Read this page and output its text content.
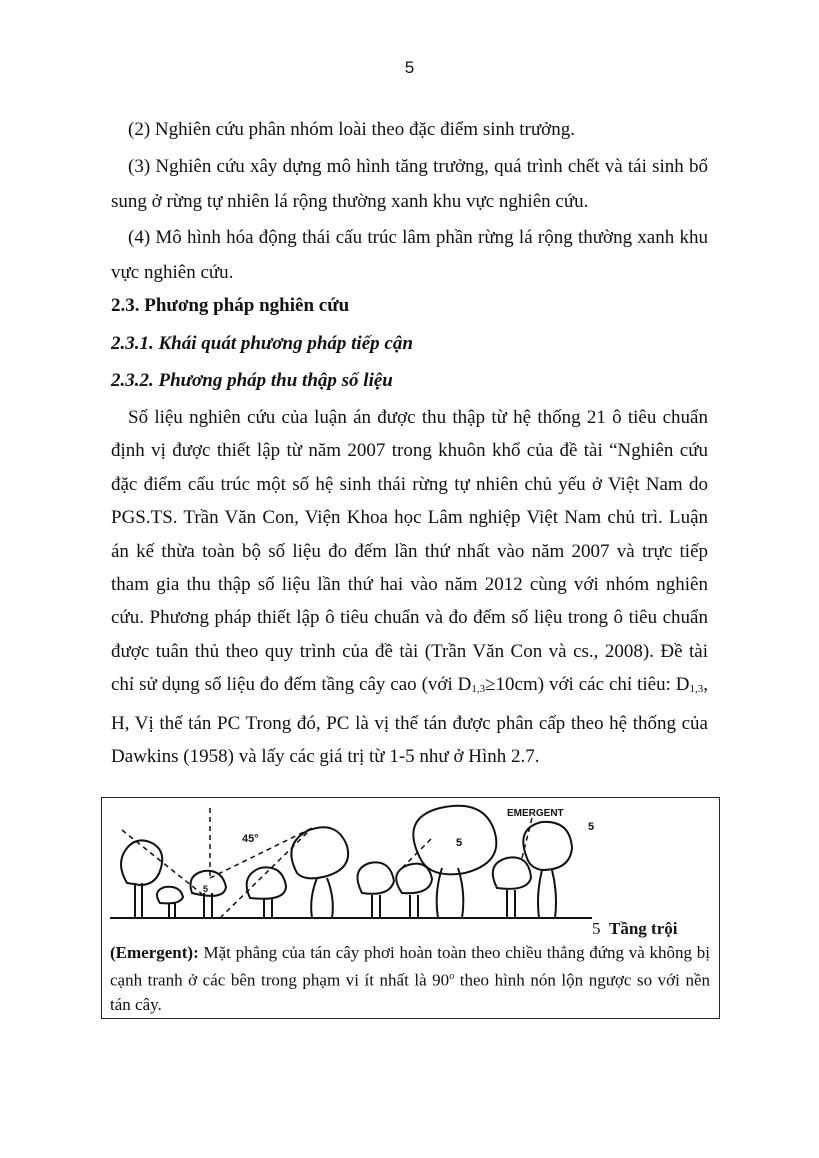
5
(2) Nghiên cứu phân nhóm loài theo đặc điểm sinh trưởng.
(3) Nghiên cứu xây dựng mô hình tăng trưởng, quá trình chết và tái sinh bổ sung ở rừng tự nhiên lá rộng thường xanh khu vực nghiên cứu.
(4) Mô hình hóa động thái cấu trúc lâm phần rừng lá rộng thường xanh khu vực nghiên cứu.
2.3. Phương pháp nghiên cứu
2.3.1. Khái quát phương pháp tiếp cận
2.3.2. Phương pháp thu thập số liệu
Số liệu nghiên cứu của luận án được thu thập từ hệ thống 21 ô tiêu chuẩn định vị được thiết lập từ năm 2007 trong khuôn khổ của đề tài “Nghiên cứu đặc điểm cấu trúc một số hệ sinh thái rừng tự nhiên chủ yếu ở Việt Nam do PGS.TS. Trần Văn Con, Viện Khoa học Lâm nghiệp Việt Nam chủ trì. Luận án kế thừa toàn bộ số liệu đo đếm lần thứ nhất vào năm 2007 và trực tiếp tham gia thu thập số liệu lần thứ hai vào năm 2012 cùng với nhóm nghiên cứu. Phương pháp thiết lập ô tiêu chuẩn và đo đếm số liệu trong ô tiêu chuẩn được tuân thủ theo quy trình của đề tài (Trần Văn Con và cs., 2008). Đề tài chỉ sử dụng số liệu đo đếm tầng cây cao (với $D_{1,3}\ge 10cm$) với các chỉ tiêu: $D_{1,3}$, H, Vị thế tán PC Trong đó, PC là vị thế tán được phân cấp theo hệ thống của Dawkins (1958) và lấy các giá trị từ 1-5 như ở Hình 2.7.
45°
5
5
EMERGENT
5
5 Tầng trội
(Emergent): Mặt phẳng của tán cây phơi hoàn toàn theo chiều thẳng đứng và không bị cạnh tranh ở các bên trong phạm vi ít nhất là 90$^o$ theo hình nón lộn ngược so với nền tán cây.
